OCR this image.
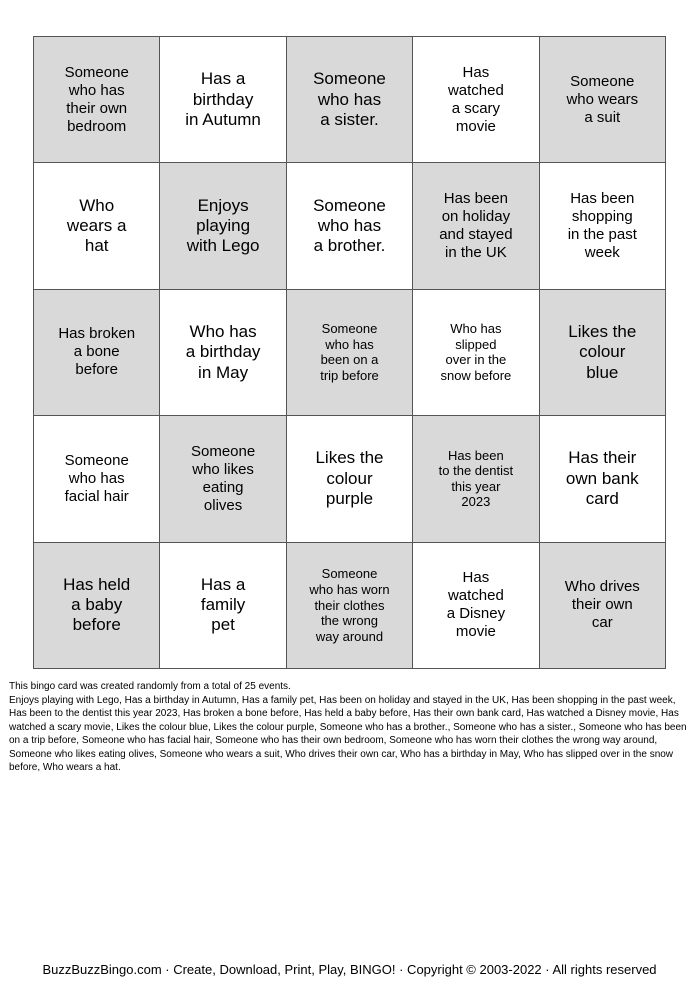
Someone
who has
their own
bedroom
Has a
birthday
in Autumn
Someone
who has
a sister.
Has
watched
a scary
movie
Someone
who wears
a suit
Who
wears a
hat
Enjoys
playing
with Lego
Someone
who has
a brother.
Has been
on holiday
and stayed
in the UK
Has been
shopping
in the past
week
Has broken
a bone
before
Who has
a birthday
in May
Someone
who has
been on a
trip before
Who has
slipped
over in the
snow before
Likes the
colour
blue
Someone
who has
facial hair
Someone
who likes
eating
olives
Likes the
colour
purple
Has been
to the dentist
this year
2023
Has their
own bank
card
Has held
a baby
before
Has a
family
pet
Someone
who has worn
their clothes
the wrong
way around
Has
watched
a Disney
movie
Who drives
their own
car

This bingo card was created randomly from a total of 25 events.

Enjoys playing with Lego, Has a birthday in Autumn, Has a family pet, Has been on holiday and stayed in the UK, Has been shopping in the past week, Has been to the dentist this year 2023, Has broken a bone before, Has held a baby before, Has their own bank card, Has watched a Disney movie, Has watched a scary movie, Likes the colour blue, Likes the colour purple, Someone who has a brother., Someone who has a sister., Someone who has been on a trip before, Someone who has facial hair, Someone who has their own bedroom, Someone who has worn their clothes the wrong way around, Someone who likes eating olives, Someone who wears a suit, Who drives their own car, Who has a birthday in May, Who has slipped over in the snow before, Who wears a hat.

BuzzBuzzBingo.com · Create, Download, Print, Play, BINGO! · Copyright © 2003-2022 · All rights reserved
